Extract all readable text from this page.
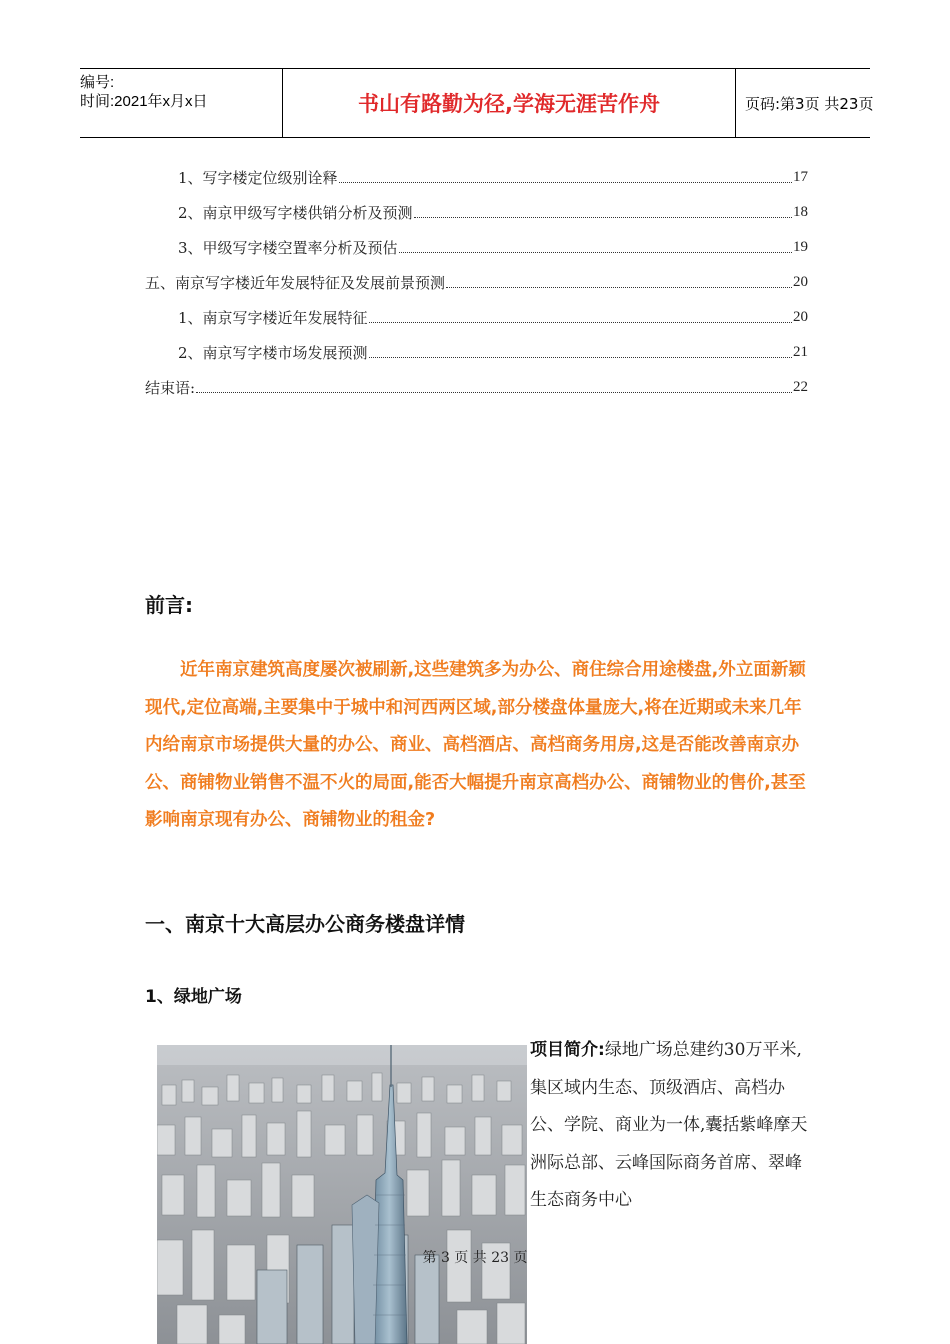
编号:
时间:2021年x月x日	书山有路勤为径,学海无涯苦作舟	页码:第3页 共23页
1、写字楼定位级别诠释	17
2、南京甲级写字楼供销分析及预测	18
3、甲级写字楼空置率分析及预估	19
五、南京写字楼近年发展特征及发展前景预测	20
1、南京写字楼近年发展特征	20
2、南京写字楼市场发展预测	21
结束语:	22
前言:
近年南京建筑高度屡次被刷新,这些建筑多为办公、商住综合用途楼盘,外立面新颖现代,定位高端,主要集中于城中和河西两区域,部分楼盘体量庞大,将在近期或未来几年内给南京市场提供大量的办公、商业、高档酒店、高档商务用房,这是否能改善南京办公、商铺物业销售不温不火的局面,能否大幅提升南京高档办公、商铺物业的售价,甚至影响南京现有办公、商铺物业的租金?
一、南京十大高层办公商务楼盘详情
1、绿地广场
项目简介:绿地广场总建约30万平米,集区域内生态、顶级酒店、高档办公、学院、商业为一体,囊括紫峰摩天洲际总部、云峰国际商务首席、翠峰生态商务中心
第 3 页 共 23 页
